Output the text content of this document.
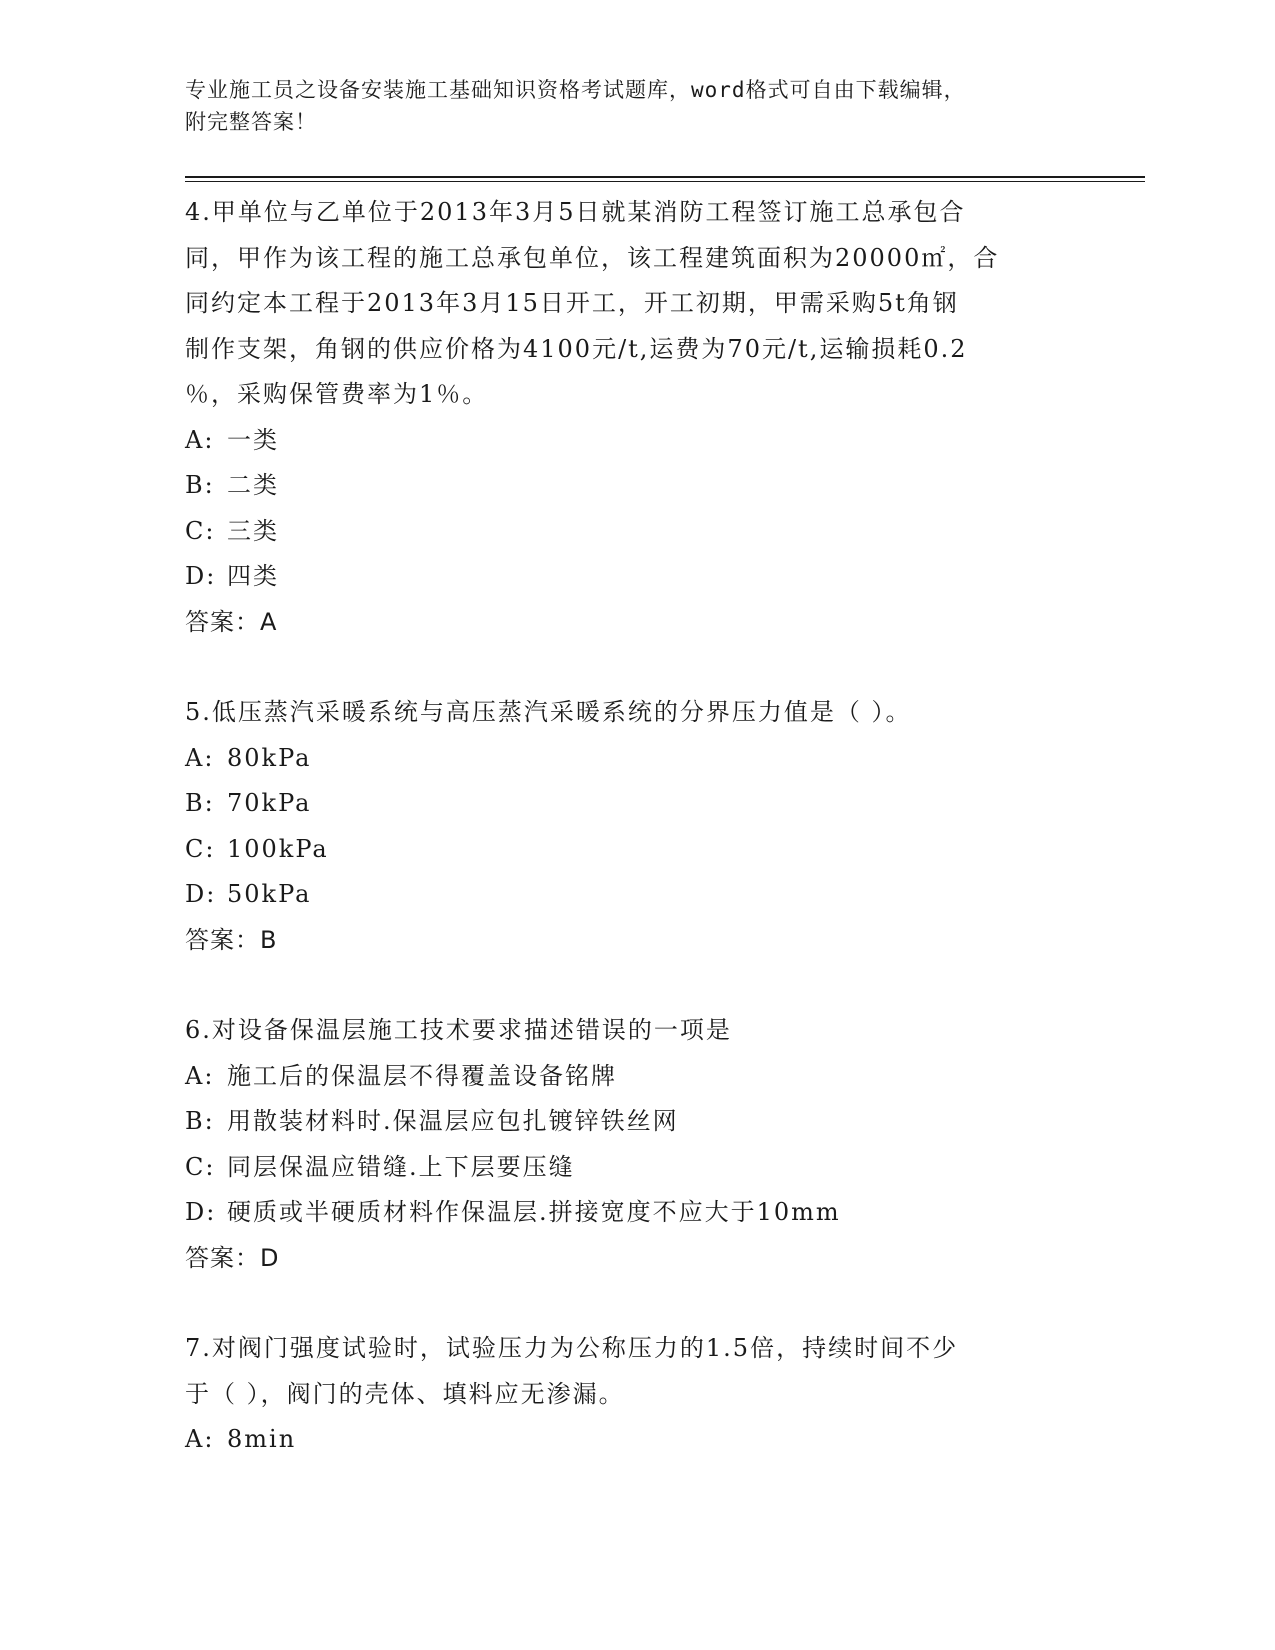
专业施工员之设备安装施工基础知识资格考试题库，word格式可自由下载编辑，
附完整答案！
4.甲单位与乙单位于2013年3月5日就某消防工程签订施工总承包合
同，甲作为该工程的施工总承包单位，该工程建筑面积为20000㎡，合
同约定本工程于2013年3月15日开工，开工初期，甲需采购5t角钢
制作支架，角钢的供应价格为4100元/t,运费为70元/t,运输损耗0.2
％，采购保管费率为1％。
A: 一类
B: 二类
C: 三类
D: 四类
答案：A
5.低压蒸汽采暖系统与高压蒸汽采暖系统的分界压力值是（ ）。
A: 80kPa
B: 70kPa
C: 100kPa
D: 50kPa
答案：B
6.对设备保温层施工技术要求描述错误的一项是
A: 施工后的保温层不得覆盖设备铭牌
B: 用散装材料时.保温层应包扎镀锌铁丝网
C: 同层保温应错缝.上下层要压缝
D: 硬质或半硬质材料作保温层.拼接宽度不应大于10mm
答案：D
7.对阀门强度试验时，试验压力为公称压力的1.5倍，持续时间不少
于（ ），阀门的壳体、填料应无渗漏。
A: 8min
